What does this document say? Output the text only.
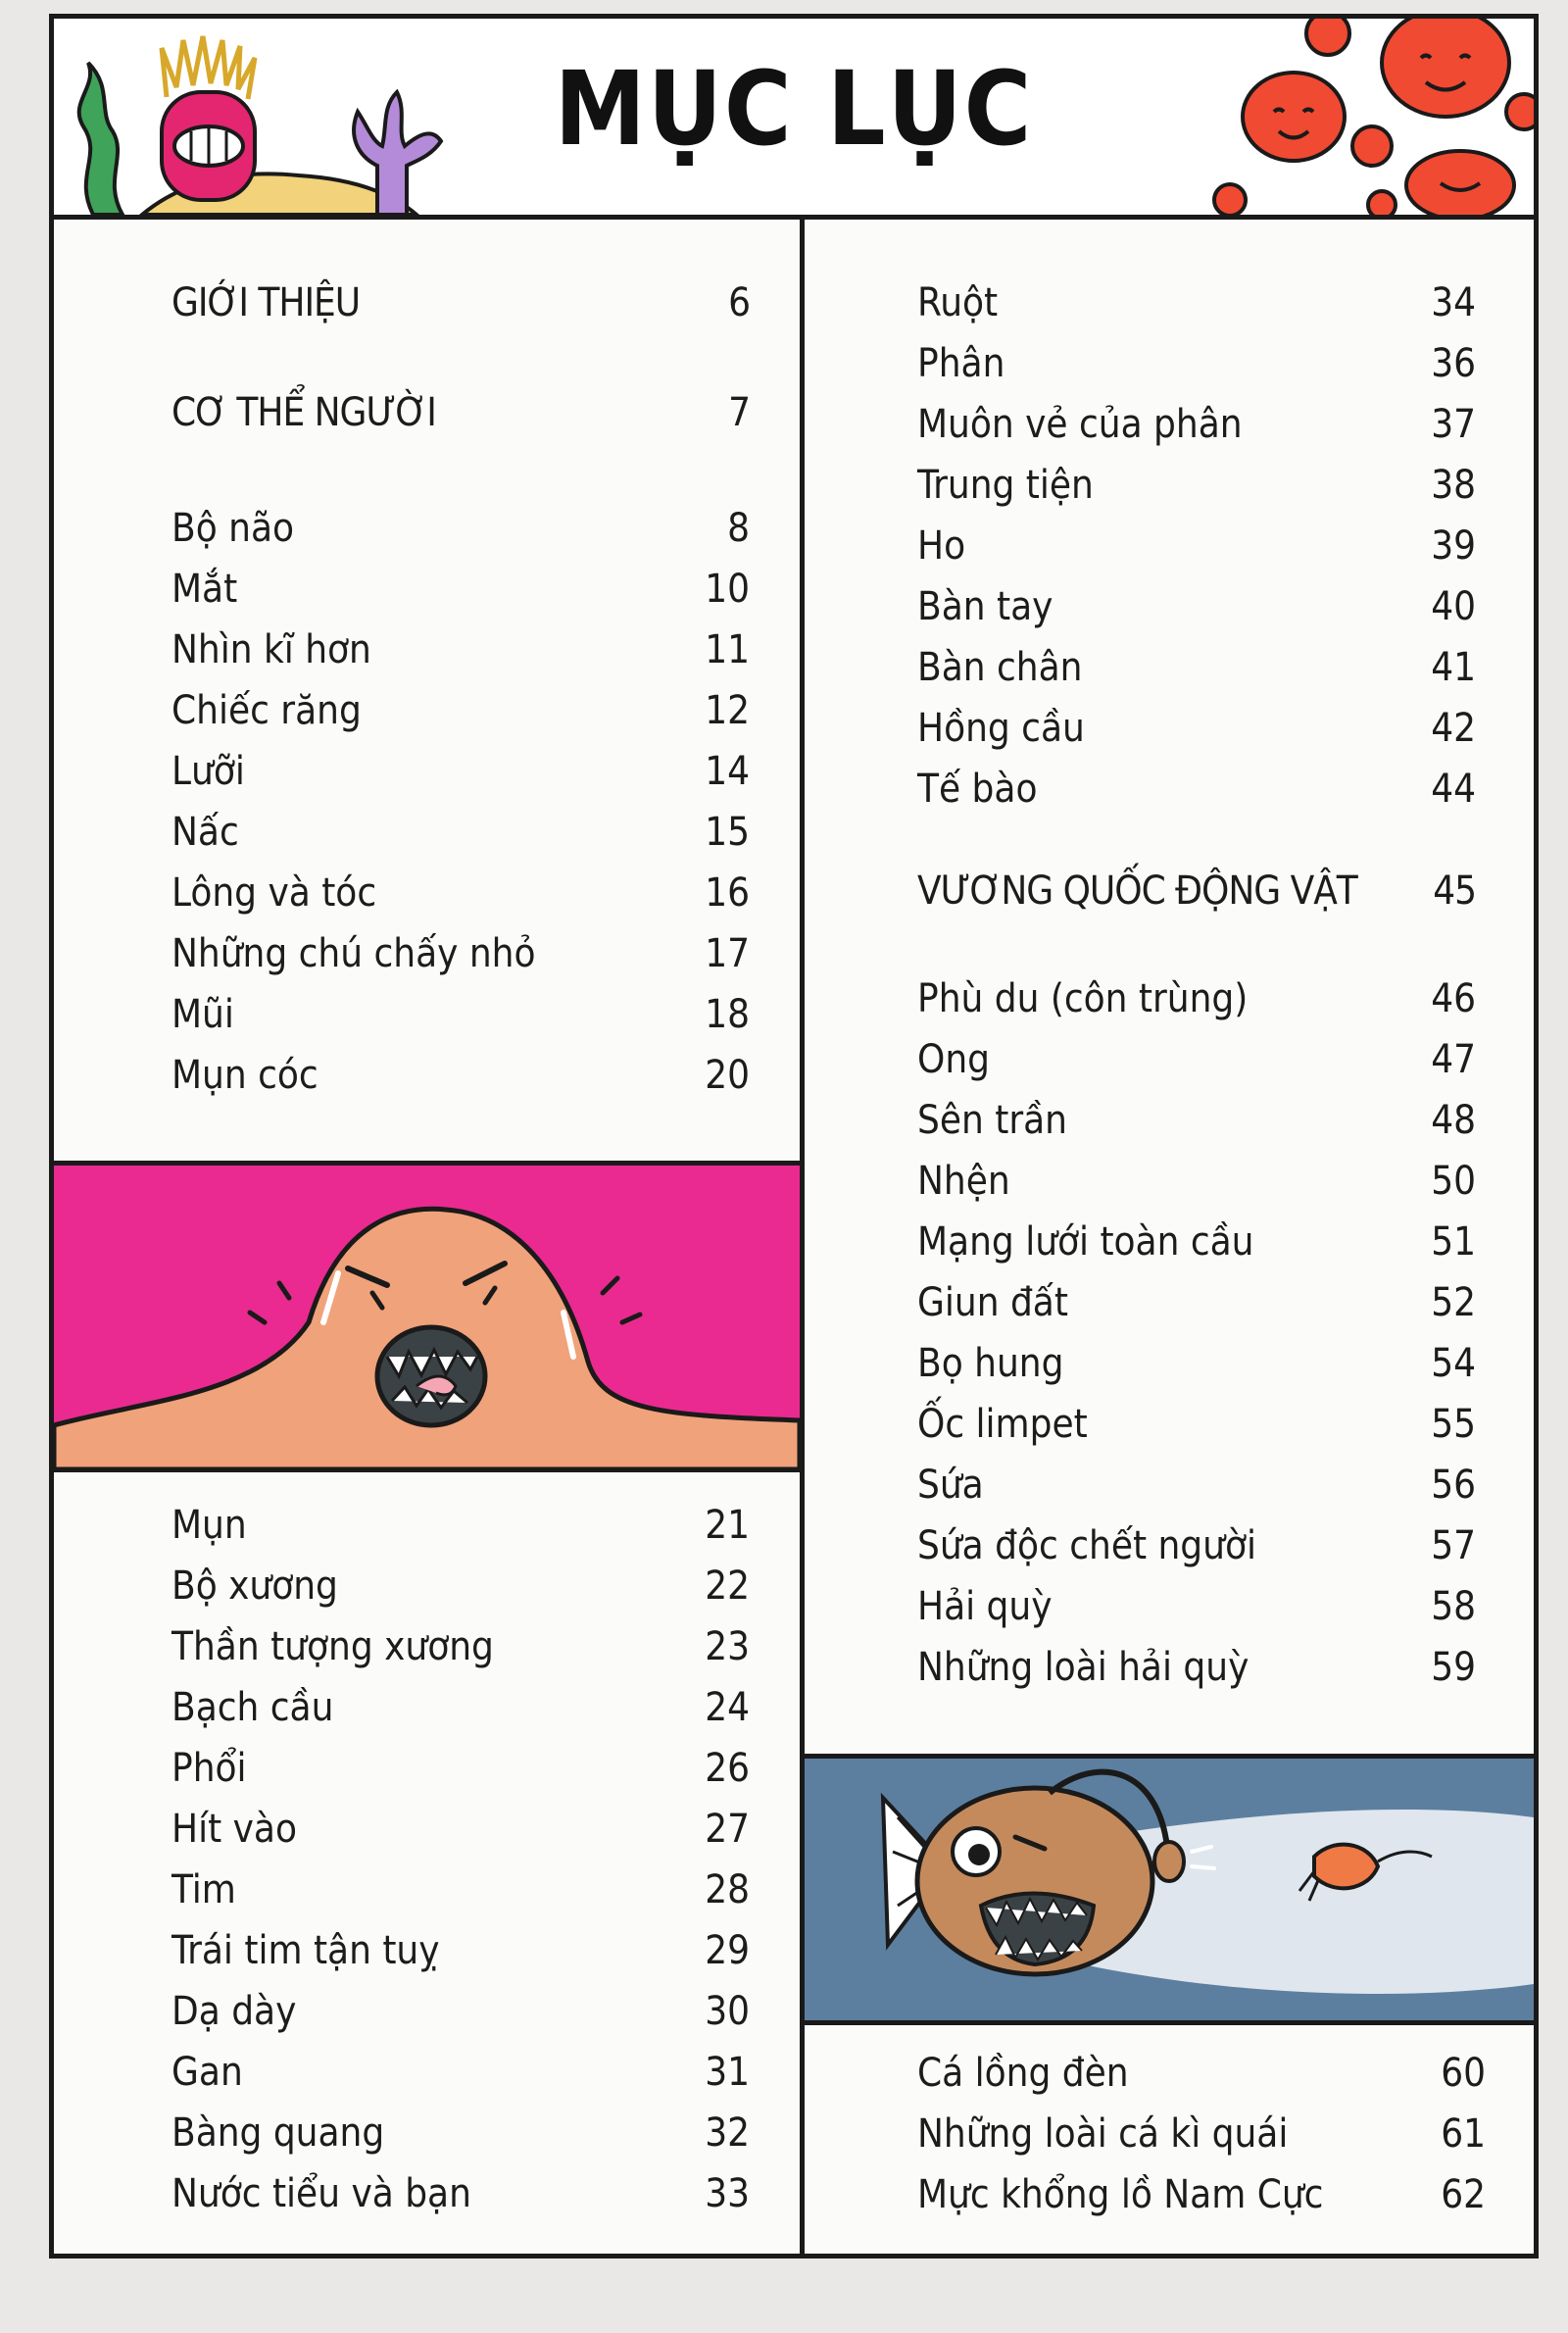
MỤC LỤC
GIỚI THIỆU	6
CƠ THỂ NGƯỜI	7
Bộ não	8
Mắt	10
Nhìn kĩ hơn	11
Chiếc răng	12
Lưỡi	14
Nấc	15
Lông và tóc	16
Những chú chấy nhỏ	17
Mũi	18
Mụn cóc	20
Mụn	21
Bộ xương	22
Thần tượng xương	23
Bạch cầu	24
Phổi	26
Hít vào	27
Tim	28
Trái tim tận tuỵ	29
Dạ dày	30
Gan	31
Bàng quang	32
Nước tiểu và bạn	33
Ruột	34
Phân	36
Muôn vẻ của phân	37
Trung tiện	38
Ho	39
Bàn tay	40
Bàn chân	41
Hồng cầu	42
Tế bào	44
VƯƠNG QUỐC ĐỘNG VẬT 45
Phù du (côn trùng)	46
Ong	47
Sên trần	48
Nhện	50
Mạng lưới toàn cầu	51
Giun đất	52
Bọ hung	54
Ốc limpet	55
Sứa	56
Sứa độc chết người	57
Hải quỳ	58
Những loài hải quỳ	59
Cá lồng đèn	60
Những loài cá kì quái	61
Mực khổng lồ Nam Cực	62
